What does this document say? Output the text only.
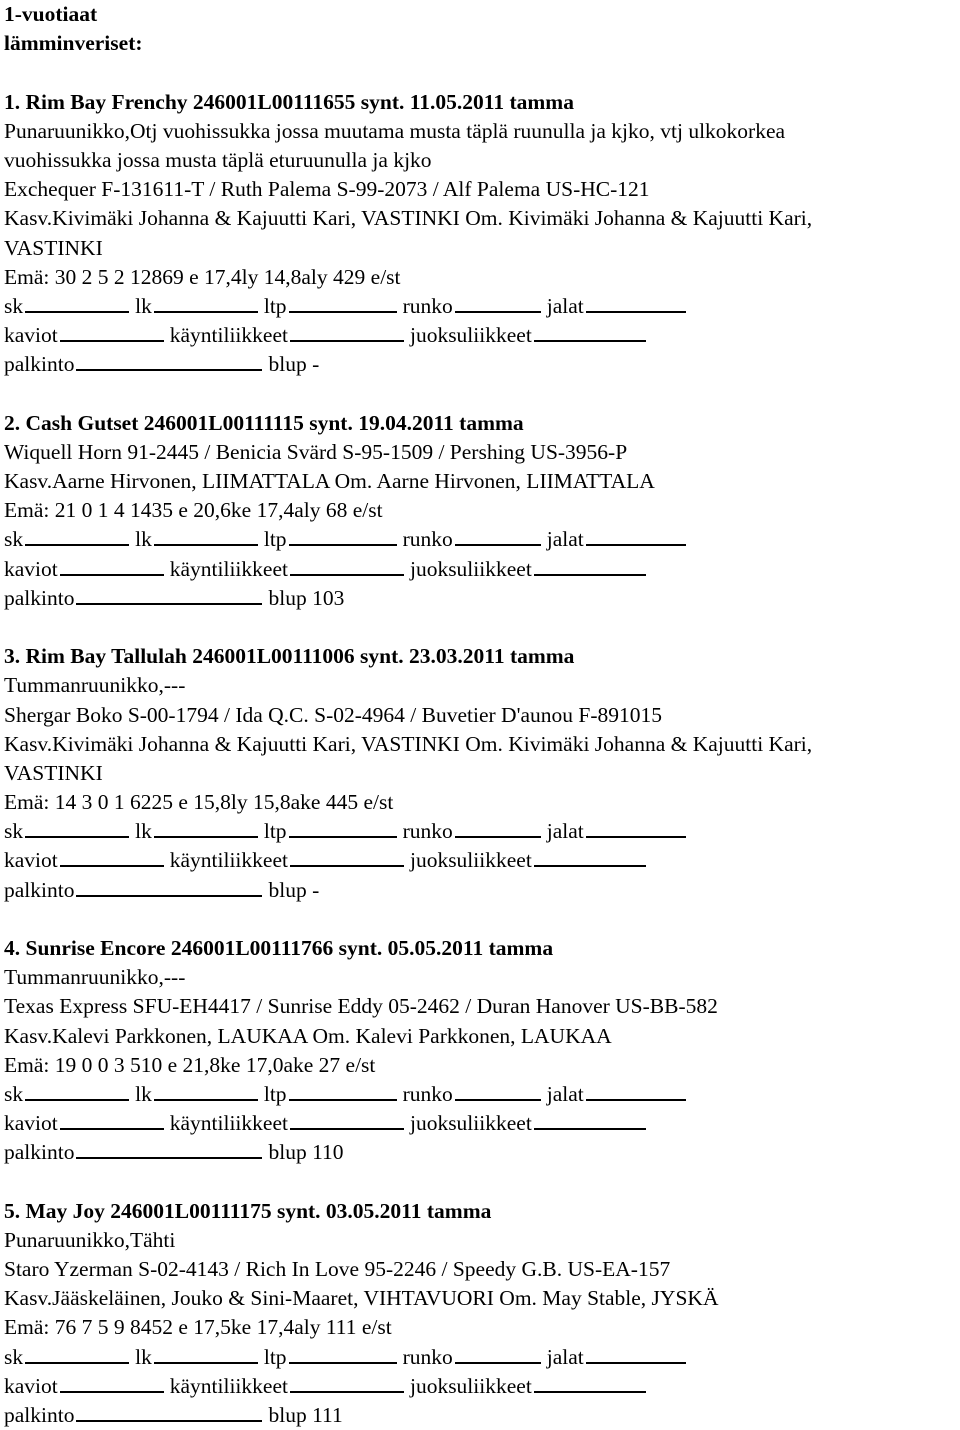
1-vuotiaat
lämminveriset:
1. Rim Bay Frenchy 246001L00111655 synt. 11.05.2011 tamma
Punaruunikko,Otj vuohissukka jossa muutama musta täplä ruunulla ja kjko, vtj ulkokorkea
vuohissukka jossa musta täplä eturuunulla ja kjko
Exchequer F-131611-T / Ruth Palema S-99-2073 / Alf Palema US-HC-121
Kasv.Kivimäki Johanna & Kajuutti Kari, VASTINKI Om. Kivimäki Johanna & Kajuutti Kari,
VASTINKI
Emä: 30 2 5 2 12869 e 17,4ly 14,8aly 429 e/st
sk	lk	ltp	runko	jalat
kaviot	käyntiliikkeet	juoksuliikkeet
palkinto	blup -
2. Cash Gutset 246001L00111115 synt. 19.04.2011 tamma
Wiquell Horn 91-2445 / Benicia Svärd S-95-1509 / Pershing US-3956-P
Kasv.Aarne Hirvonen, LIIMATTALA Om. Aarne Hirvonen, LIIMATTALA
Emä: 21 0 1 4 1435 e 20,6ke 17,4aly 68 e/st
sk	lk	ltp	runko	jalat
kaviot	käyntiliikkeet	juoksuliikkeet
palkinto	blup 103
3. Rim Bay Tallulah 246001L00111006 synt. 23.03.2011 tamma
Tummanruunikko,---
Shergar Boko S-00-1794 / Ida Q.C. S-02-4964 / Buvetier D'aunou F-891015
Kasv.Kivimäki Johanna & Kajuutti Kari, VASTINKI Om. Kivimäki Johanna & Kajuutti Kari,
VASTINKI
Emä: 14 3 0 1 6225 e 15,8ly 15,8ake 445 e/st
sk	lk	ltp	runko	jalat
kaviot	käyntiliikkeet	juoksuliikkeet
palkinto	blup -
4. Sunrise Encore 246001L00111766 synt. 05.05.2011 tamma
Tummanruunikko,---
Texas Express SFU-EH4417 / Sunrise Eddy 05-2462 / Duran Hanover US-BB-582
Kasv.Kalevi Parkkonen, LAUKAA Om. Kalevi Parkkonen, LAUKAA
Emä: 19 0 0 3 510 e 21,8ke 17,0ake 27 e/st
sk	lk	ltp	runko	jalat
kaviot	käyntiliikkeet	juoksuliikkeet
palkinto	blup 110
5. May Joy 246001L00111175 synt. 03.05.2011 tamma
Punaruunikko,Tähti
Staro Yzerman S-02-4143 / Rich In Love 95-2246 / Speedy G.B. US-EA-157
Kasv.Jääskeläinen, Jouko & Sini-Maaret, VIHTAVUORI Om. May Stable, JYSKÄ
Emä: 76 7 5 9 8452 e 17,5ke 17,4aly 111 e/st
sk	lk	ltp	runko	jalat
kaviot	käyntiliikkeet	juoksuliikkeet
palkinto	blup 111
